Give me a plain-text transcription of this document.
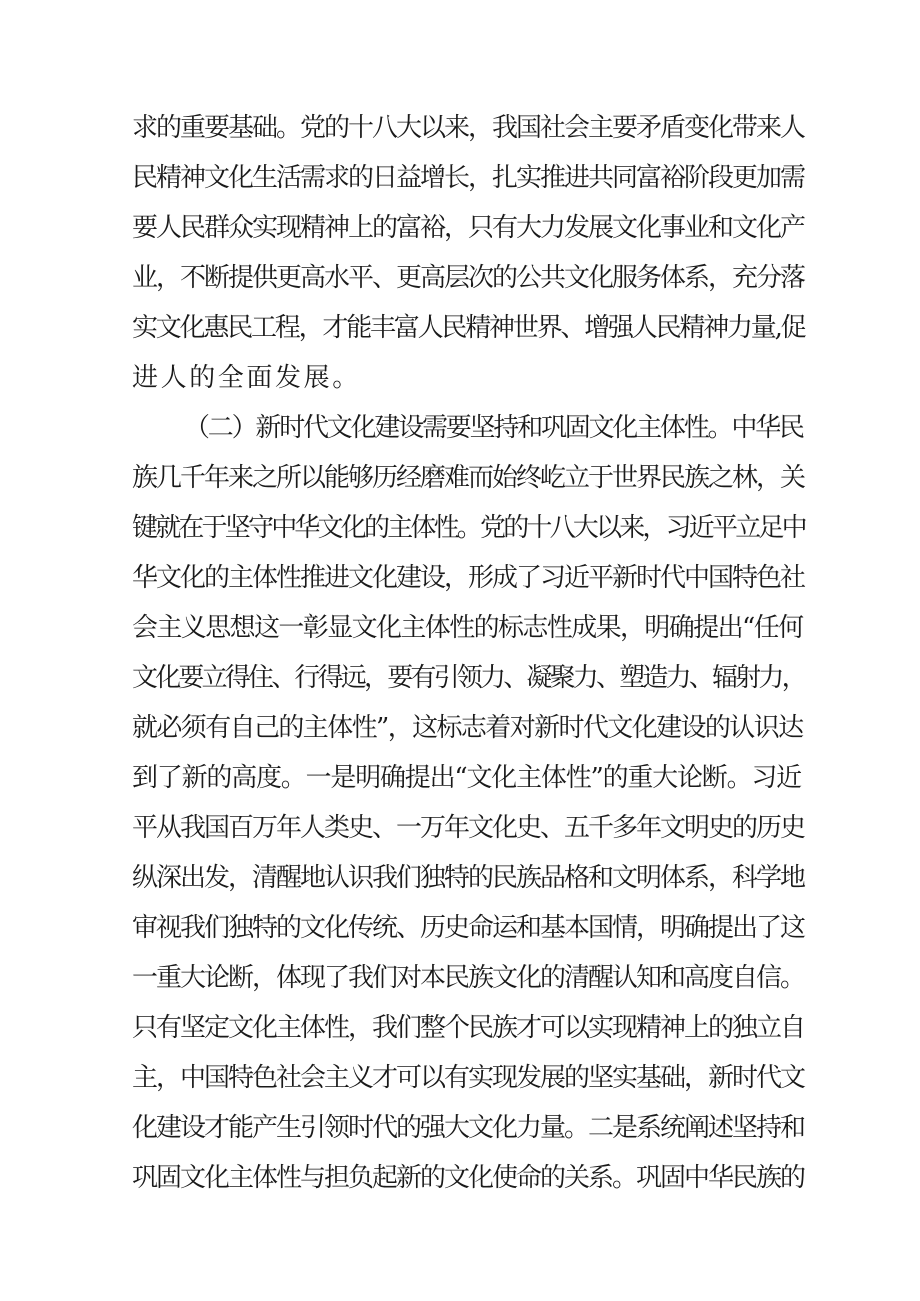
求的重要基础。党的十八大以来，我国社会主要矛盾变化带来人
民精神文化生活需求的日益增长，扎实推进共同富裕阶段更加需
要人民群众实现精神上的富裕，只有大力发展文化事业和文化产
业，不断提供更高水平、更高层次的公共文化服务体系，充分落
实文化惠民工程，才能丰富人民精神世界、增强人民精神力量,促
进人的全面发展。
（二）新时代文化建设需要坚持和巩固文化主体性。中华民
族几千年来之所以能够历经磨难而始终屹立于世界民族之林，关
键就在于坚守中华文化的主体性。党的十八大以来，习近平立足中
华文化的主体性推进文化建设，形成了习近平新时代中国特色社
会主义思想这一彰显文化主体性的标志性成果，明确提出“任何
文化要立得住、行得远，要有引领力、凝聚力、塑造力、辐射力，
就必须有自己的主体性”，这标志着对新时代文化建设的认识达
到了新的高度。一是明确提出“文化主体性”的重大论断。习近
平从我国百万年人类史、一万年文化史、五千多年文明史的历史
纵深出发，清醒地认识我们独特的民族品格和文明体系，科学地
审视我们独特的文化传统、历史命运和基本国情，明确提出了这
一重大论断，体现了我们对本民族文化的清醒认知和高度自信。
只有坚定文化主体性，我们整个民族才可以实现精神上的独立自
主，中国特色社会主义才可以有实现发展的坚实基础，新时代文
化建设才能产生引领时代的强大文化力量。二是系统阐述坚持和
巩固文化主体性与担负起新的文化使命的关系。巩固中华民族的
